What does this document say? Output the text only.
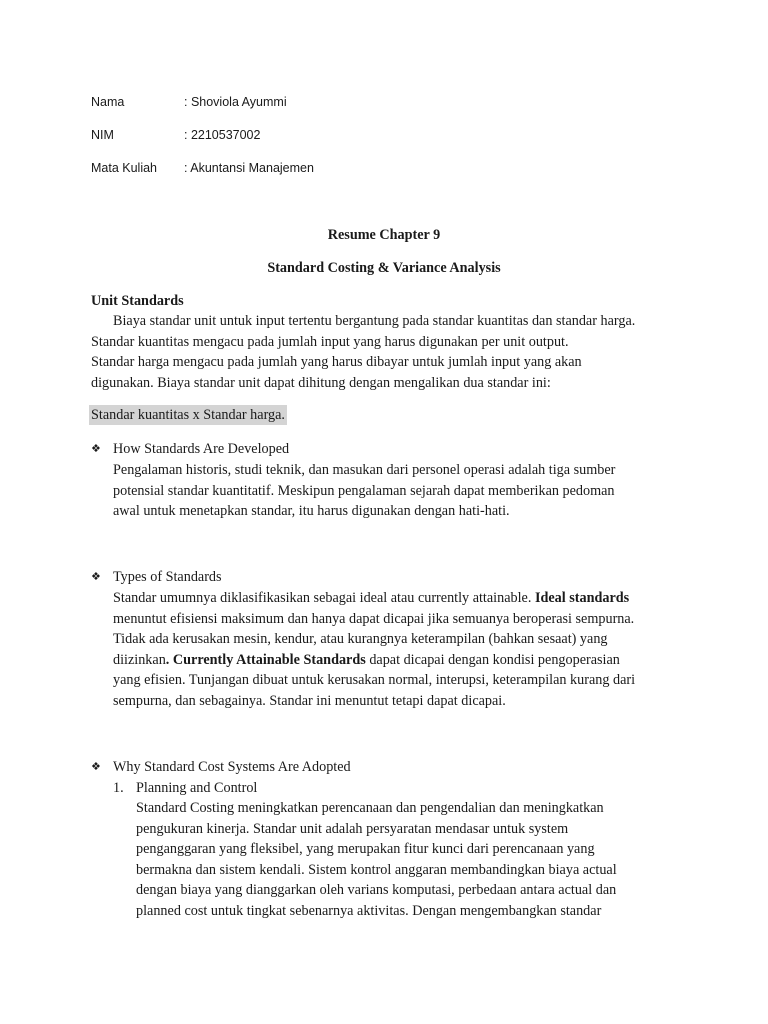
Nama	: Shoviola Ayummi
NIM	: 2210537002
Mata Kuliah : Akuntansi Manajemen
Resume Chapter 9
Standard Costing & Variance Analysis
Unit Standards
Biaya standar unit untuk input tertentu bergantung pada standar kuantitas dan standar harga.
Standar kuantitas mengacu pada jumlah input yang harus digunakan per unit output.
Standar harga mengacu pada jumlah yang harus dibayar untuk jumlah input yang akan
digunakan. Biaya standar unit dapat dihitung dengan mengalikan dua standar ini:
Standar kuantitas x Standar harga.
❖ How Standards Are Developed
Pengalaman historis, studi teknik, dan masukan dari personel operasi adalah tiga sumber
potensial standar kuantitatif. Meskipun pengalaman sejarah dapat memberikan pedoman
awal untuk menetapkan standar, itu harus digunakan dengan hati-hati.
❖ Types of Standards
Standar umumnya diklasifikasikan sebagai ideal atau currently attainable. Ideal standards
menuntut efisiensi maksimum dan hanya dapat dicapai jika semuanya beroperasi sempurna.
Tidak ada kerusakan mesin, kendur, atau kurangnya keterampilan (bahkan sesaat) yang
diizinkan. Currently Attainable Standards dapat dicapai dengan kondisi pengoperasian
yang efisien. Tunjangan dibuat untuk kerusakan normal, interupsi, keterampilan kurang dari
sempurna, dan sebagainya. Standar ini menuntut tetapi dapat dicapai.
❖ Why Standard Cost Systems Are Adopted
1. Planning and Control
Standard Costing meningkatkan perencanaan dan pengendalian dan meningkatkan
pengukuran kinerja. Standar unit adalah persyaratan mendasar untuk system
penganggaran yang fleksibel, yang merupakan fitur kunci dari perencanaan yang
bermakna dan sistem kendali. Sistem kontrol anggaran membandingkan biaya actual
dengan biaya yang dianggarkan oleh varians komputasi, perbedaan antara actual dan
planned cost untuk tingkat sebenarnya aktivitas. Dengan mengembangkan standar
